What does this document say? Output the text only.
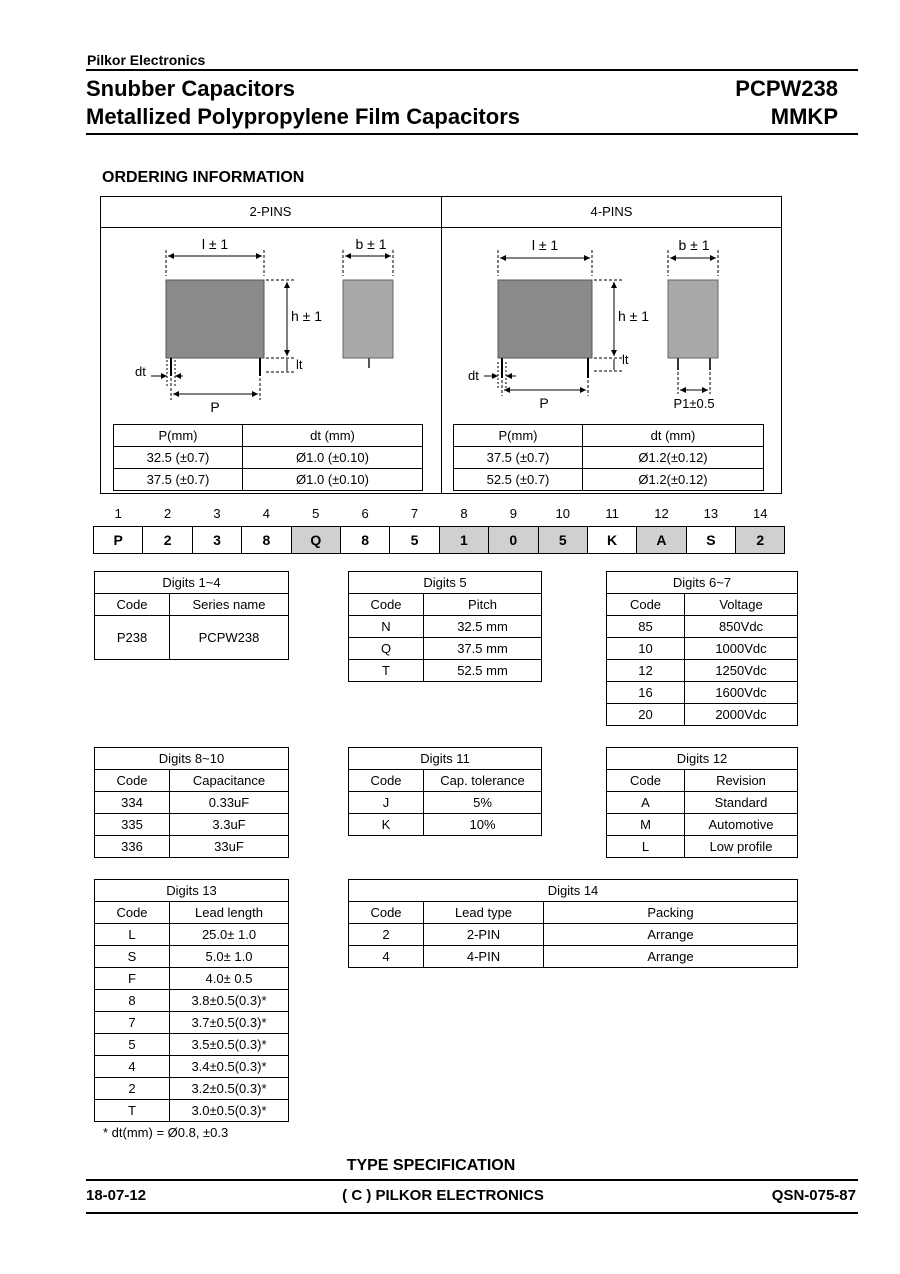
Pilkor Electronics
Snubber Capacitors
Metallized Polypropylene Film Capacitors
PCPW238
MMKP
ORDERING INFORMATION
2-PINS	4-PINS
l ± 1	b ± 1
h ± 1
lt
dt
P
P(mm)	dt (mm)
32.5 (±0.7)	Ø1.0 (±0.10)
37.5 (±0.7)	Ø1.0 (±0.10)
l ± 1	b ± 1
h ± 1
lt
dt
P	P1±0.5
P(mm)	dt (mm)
37.5 (±0.7)	Ø1.2(±0.12)
52.5 (±0.7)	Ø1.2(±0.12)
1	2	3	4	5	6	7	8	9	10	11	12	13	14
P	2	3	8	Q	8	5	1	0	5	K	A	S	2
Digits 1~4	
Code	Series name
P238	PCPW238
Digits 5	
Code	Pitch
N	32.5 mm
Q	37.5 mm
T	52.5 mm
Digits 6~7	
Code	Voltage
85	850Vdc
10	1000Vdc
12	1250Vdc
16	1600Vdc
20	2000Vdc
Digits 8~10	
Code	Capacitance
334	0.33uF
335	3.3uF
336	33uF
Digits 11	
Code	Cap. tolerance
J	5%
K	10%
Digits 12	
Code	Revision
A	Standard
M	Automotive
L	Low profile
Digits 13	
Code	Lead length
L	25.0± 1.0
S	5.0± 1.0
F	4.0± 0.5
8	3.8±0.5(0.3)*
7	3.7±0.5(0.3)*
5	3.5±0.5(0.3)*
4	3.4±0.5(0.3)*
2	3.2±0.5(0.3)*
T	3.0±0.5(0.3)*
* dt(mm) = Ø0.8, ±0.3
Digits 14		
Code	Lead type	Packing
2	2-PIN	Arrange
4	4-PIN	Arrange
TYPE SPECIFICATION
18-07-12	( C ) PILKOR ELECTRONICS	QSN-075-87
